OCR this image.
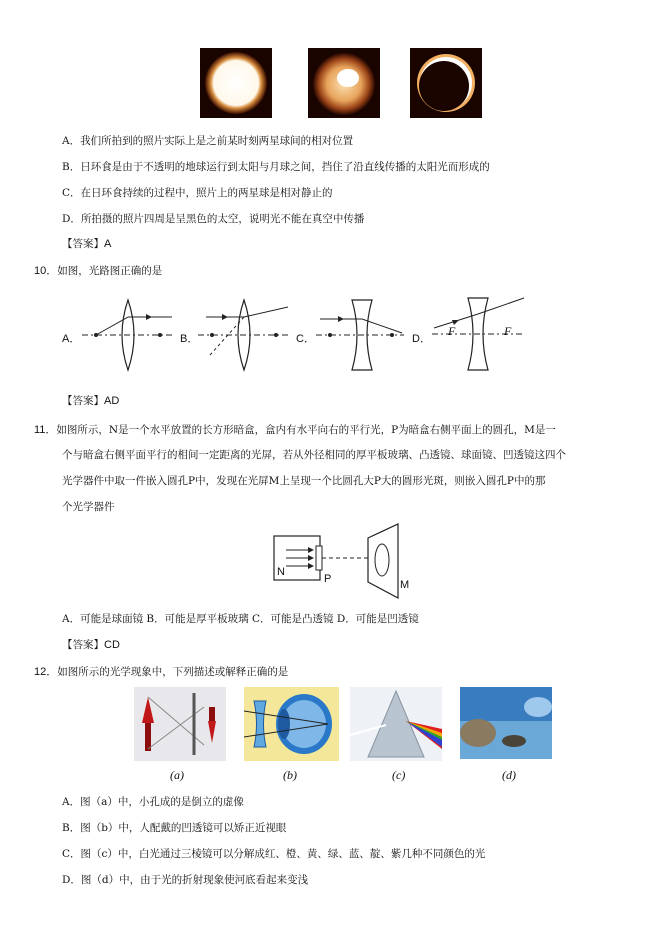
A．我们所拍到的照片实际上是之前某时刻两星球间的相对位置
B．日环食是由于不透明的地球运行到太阳与月球之间，挡住了沿直线传播的太阳光而形成的
C．在日环食持续的过程中，照片上的两星球是相对静止的
D．所拍摄的照片四周是呈黑色的太空，说明光不能在真空中传播
【答案】A
10．如图，光路图正确的是
A．	B．	C．	D．
F	F
【答案】AD
11．如图所示，N是一个水平放置的长方形暗盒，盒内有水平向右的平行光，P为暗盒右侧平面上的圆孔，M是一
个与暗盒右侧平面平行的相间一定距离的光屏，若从外径相同的厚平板玻璃、凸透镜、球面镜、凹透镜这四个
光学器件中取一件嵌入圆孔P中，发现在光屏M上呈现一个比圆孔大P大的圆形光斑，则嵌入圆孔P中的那
个光学器件
N
P	M
A．可能是球面镜 B．可能是厚平板玻璃 C．可能是凸透镜 D．可能是凹透镜
【答案】CD
12．如图所示的光学现象中，下列描述或解释正确的是
(a)	(b)	(c)	(d)
A．图（a）中，小孔成的是倒立的虚像
B．图（b）中，人配戴的凹透镜可以矫正近视眼
C．图（c）中，白光通过三棱镜可以分解成红、橙、黄、绿、蓝、靛、紫几种不同颜色的光
D．图（d）中，由于光的折射现象使河底看起来变浅
